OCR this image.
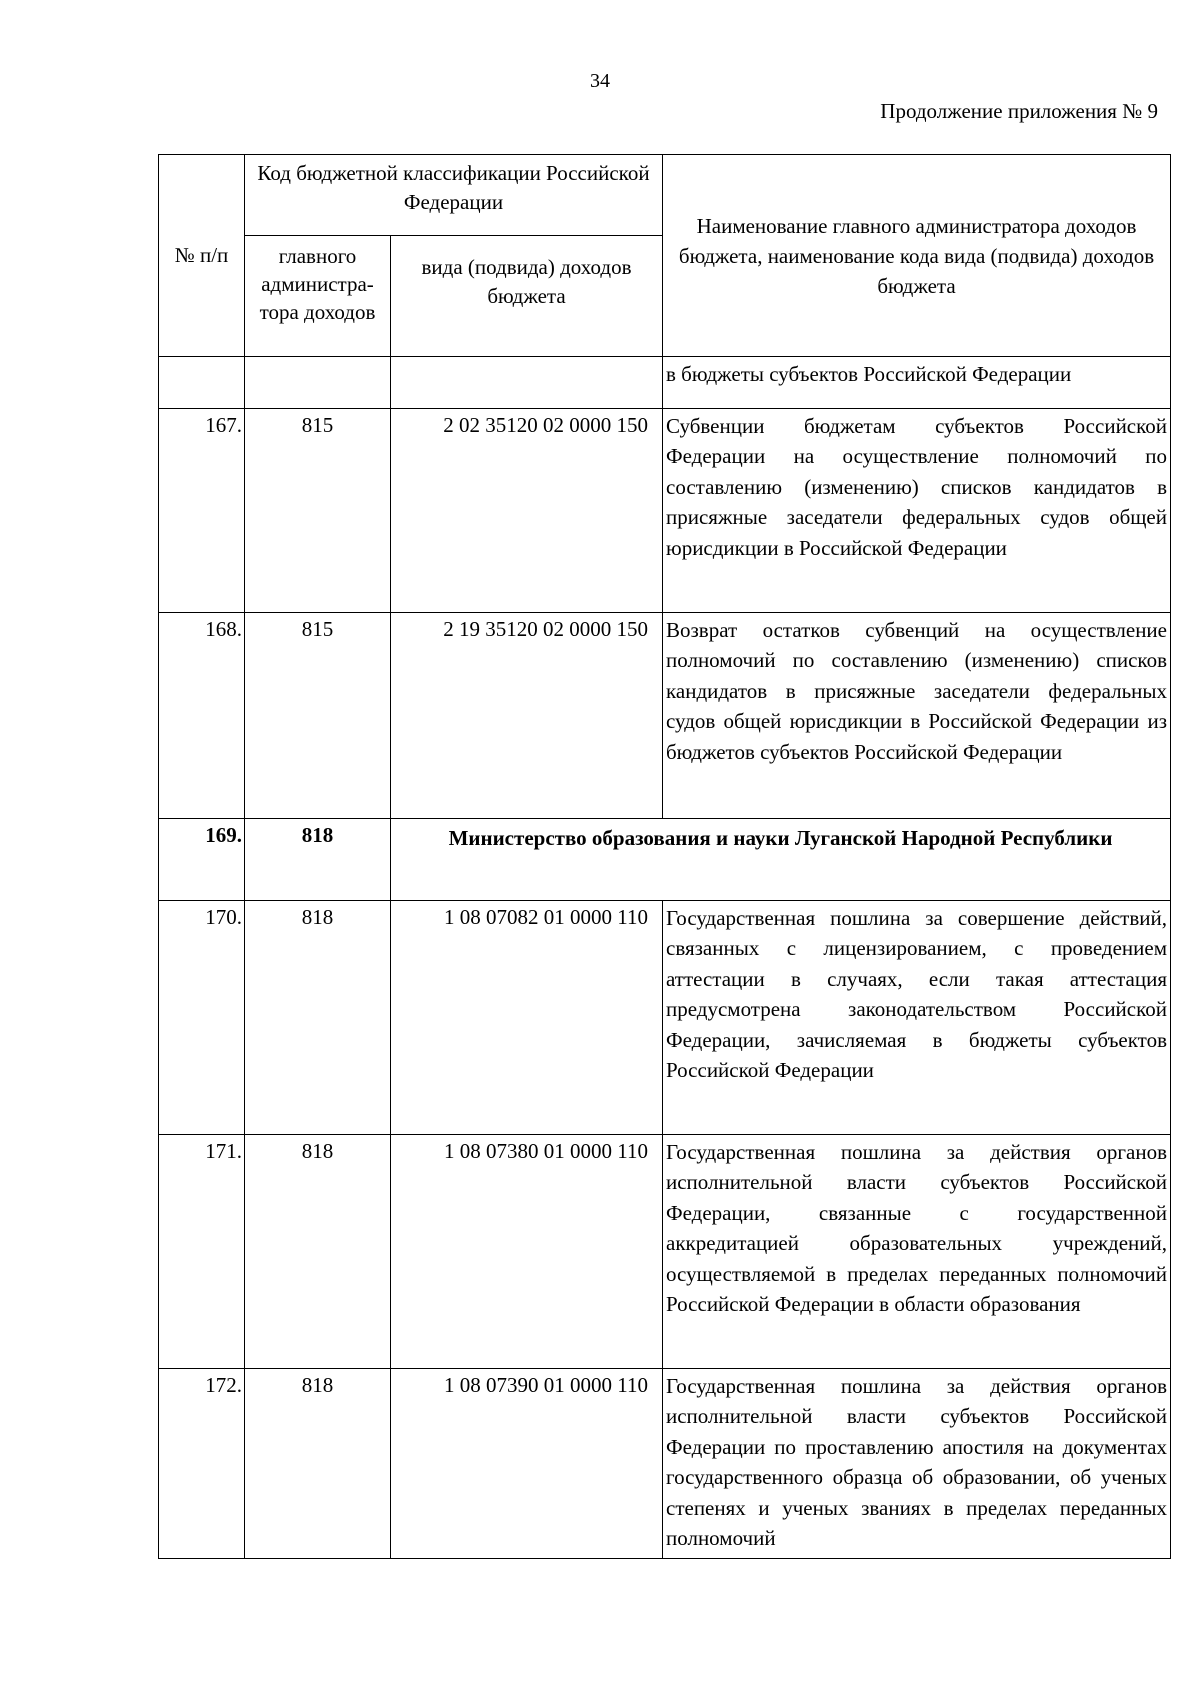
34
Продолжение приложения № 9
№ п/п	Код бюджетной классификации Российской Федерации		Наименование главного администратора доходов бюджета, наименование кода вида (подвида) доходов бюджета
	главного администра-тора доходов	вида (подвида) доходов бюджета	
			в бюджеты субъектов Российской Федерации
167.	815	2 02 35120 02 0000 150	Субвенции бюджетам субъектов Российской Федерации на осуществление полномочий по составлению (изменению) списков кандидатов в присяжные заседатели федеральных судов общей юрисдикции в Российской Федерации
168.	815	2 19 35120 02 0000 150	Возврат остатков субвенций на осуществление полномочий по составлению (изменению) списков кандидатов в присяжные заседатели федеральных судов общей юрисдикции в Российской Федерации из бюджетов субъектов Российской Федерации
169.	818	Министерство образования и науки Луганской Народной Республики	
170.	818	1 08 07082 01 0000 110	Государственная пошлина за совершение действий, связанных с лицензированием, с проведением аттестации в случаях, если такая аттестация предусмотрена законодательством Российской Федерации, зачисляемая в бюджеты субъектов Российской Федерации
171.	818	1 08 07380 01 0000 110	Государственная пошлина за действия органов исполнительной власти субъектов Российской Федерации, связанные с государственной аккредитацией образовательных учреждений, осуществляемой в пределах переданных полномочий Российской Федерации в области образования
172.	818	1 08 07390 01 0000 110	Государственная пошлина за действия органов исполнительной власти субъектов Российской Федерации по проставлению апостиля на документах государственного образца об образовании, об ученых степенях и ученых званиях в пределах переданных полномочий
